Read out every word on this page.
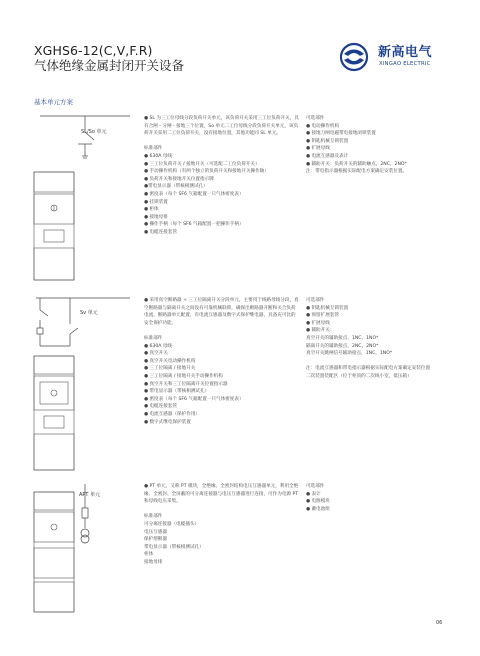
XGHS6-12(C,V,F.R)
气体绝缘金属封闭开关设备
新高电气
XINGAO ELECTRIC
基本单元方案
SL/So 单元

● SL 为三工位母线分段负荷开关单元，该负荷开关采用三工位负荷开关，具有合闸 - 分闸 - 接地三个位置，So 单元二工位母线分段负荷开关单元，该负荷开关采用二工位负荷开关，没有接地位置，其他功能同 SL 单元。

标准部件

● 630A 母线
● 三工位负荷开关 / 接地开关（可选配二工位负荷开关）
● 手动操作机构（有两个独立的负荷开关和接地开关操作轴）
● 负荷开关和接地开关位置指示牌
●带电显示器（带核相测试孔）
● 密度表（每个 SF6 气箱配置一只气体密度表）
● 挂锁装置
● 柜体
● 接地母排
● 操作手柄（每个 SF6 气箱配置一把操作手柄）
● 电缆连接套管

可选部件

● 电动操作机构
● 接地刀闸电磁带电接地闭锁装置
● 钥匙机械互锁装置
● 扩展母线
● 电流互感器及表计
● 辅助开关：负荷开关的辅助触点，2NC，2NO*

注：带电指示器根据实际配电方案确定安装位置。

Sv 单元

● 采用真空断路器 + 三工位隔离开关分段单元，主要用于线路母线分段，真空断路器与隔离开关之间没有可靠机械联锁，确保出断路器开断和关合负荷电流、断路器单元配置，有电流互感器及数字式保护继电器，具备充可比的安全保护功能。

标准部件

● 630A 母线
● 真空开关
● 真空开关电动操作机构
● 三工位隔离 / 接地开关
● 三工位隔离 / 接地开关手动操作机构
● 真空开关和三工位隔离开关位置指示器
● 带电显示器（带核相测试孔）
● 密度表（每个 SF6 气箱配置一只气体密度表）
● 电缆连接套管
● 电流互感器（保护作用）
● 数字式继电保护装置

可选部件

● 钥匙机械互锁装置
● 预留扩展套管
● 扩展母线
● 辅助开关：

真空开关的辅助接点，1NC，1NO*

隔离开关的辅助接点，2NC，2NO*

真空开关跳闸信号辅助接点，1NC，1NO*

注：电流互感器和带电指示器根据实际配电方案确定安装位置

二次装置装配区（位于柜顶的二次线小室，低压箱）

APT 单元

● PT 单元，又称 PT 模块，全绝缘、全密封结构电压互感器单元，利用全绝缘、全密封、全屏蔽的可分离连接器与电压互感器进行连接，可作为电源 PT 和母线电压采集。

标准部件

可分离连接器（电缆插头）

电压互感器

保护熔断器

带电显示器（带核相测试孔）

柜体

接地母排

可选部件

● 表计
● 电源模块
● 蓄电池组
06
